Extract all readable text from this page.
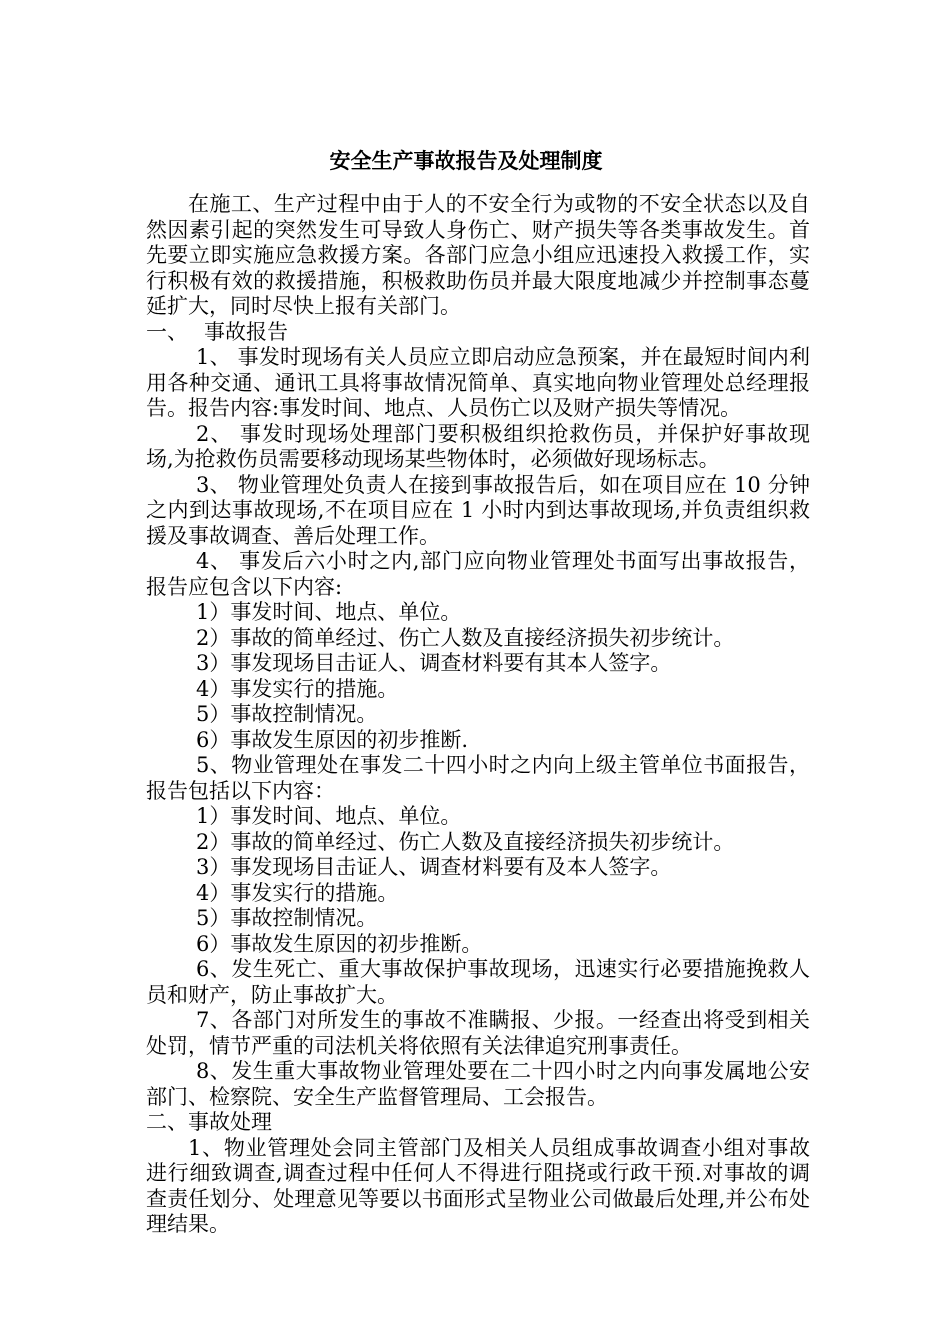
安全生产事故报告及处理制度

在施工、生产过程中由于人的不安全行为或物的不安全状态以及自然因素引起的突然发生可导致人身伤亡、财产损失等各类事故发生。首先要立即实施应急救援方案。各部门应急小组应迅速投入救援工作，实行积极有效的救援措施，积极救助伤员并最大限度地减少并控制事态蔓延扩大，同时尽快上报有关部门。

一、 事故报告

1、 事发时现场有关人员应立即启动应急预案，并在最短时间内利用各种交通、通讯工具将事故情况简单、真实地向物业管理处总经理报告。报告内容:事发时间、地点、人员伤亡以及财产损失等情况。

2、 事发时现场处理部门要积极组织抢救伤员，并保护好事故现场,为抢救伤员需要移动现场某些物体时，必须做好现场标志。

3、 物业管理处负责人在接到事故报告后，如在项目应在 10 分钟之内到达事故现场,不在项目应在 1 小时内到达事故现场,并负责组织救援及事故调查、善后处理工作。

4、 事发后六小时之内,部门应向物业管理处书面写出事故报告，报告应包含以下内容:

1）事发时间、地点、单位。

2）事故的简单经过、伤亡人数及直接经济损失初步统计。

3）事发现场目击证人、调查材料要有其本人签字。

4）事发实行的措施。

5）事故控制情况。

6）事故发生原因的初步推断.

5、物业管理处在事发二十四小时之内向上级主管单位书面报告，报告包括以下内容：

1）事发时间、地点、单位。

2）事故的简单经过、伤亡人数及直接经济损失初步统计。

3）事发现场目击证人、调查材料要有及本人签字。

4）事发实行的措施。

5）事故控制情况。

6）事故发生原因的初步推断。

6、发生死亡、重大事故保护事故现场，迅速实行必要措施挽救人员和财产，防止事故扩大。

7、各部门对所发生的事故不准瞒报、少报。一经查出将受到相关处罚，情节严重的司法机关将依照有关法律追究刑事责任。

8、发生重大事故物业管理处要在二十四小时之内向事发属地公安部门、检察院、安全生产监督管理局、工会报告。

二、事故处理

1、物业管理处会同主管部门及相关人员组成事故调查小组对事故进行细致调查,调查过程中任何人不得进行阻挠或行政干预.对事故的调查责任划分、处理意见等要以书面形式呈物业公司做最后处理,并公布处理结果。
